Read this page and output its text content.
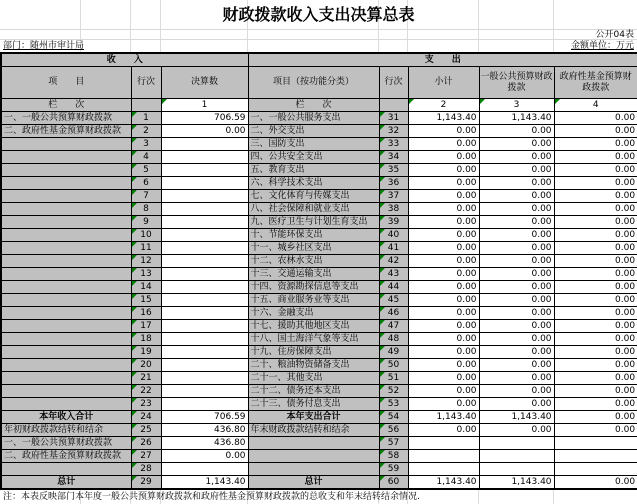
财政拨款收入支出决算总表
公开04表
部门：随州市审计局	金额单位：万元
收　　入			支　　出				
项　　目	行次	决算数	项目（按功能分类）	行次	小计	一般公共预算财政拨款	政府性基金预算财政拨款
栏　　次		1	栏　　次		2	3	4
一、一般公共预算财政拨款	1	706.59	一、一般公共服务支出	31	1,143.40	1,143.40	0.00
二、政府性基金预算财政拨款	2	0.00	二、外交支出	32	0.00	0.00	0.00
	3		三、国防支出	33	0.00	0.00	0.00
	4		四、公共安全支出	34	0.00	0.00	0.00
	5		五、教育支出	35	0.00	0.00	0.00
	6		六、科学技术支出	36	0.00	0.00	0.00
	7		七、文化体育与传媒支出	37	0.00	0.00	0.00
	8		八、社会保障和就业支出	38	0.00	0.00	0.00
	9		九、医疗卫生与计划生育支出	39	0.00	0.00	0.00
	10		十、节能环保支出	40	0.00	0.00	0.00
	11		十一、城乡社区支出	41	0.00	0.00	0.00
	12		十二、农林水支出	42	0.00	0.00	0.00
	13		十三、交通运输支出	43	0.00	0.00	0.00
	14		十四、资源勘探信息等支出	44	0.00	0.00	0.00
	15		十五、商业服务业等支出	45	0.00	0.00	0.00
	16		十六、金融支出	46	0.00	0.00	0.00
	17		十七、援助其他地区支出	47	0.00	0.00	0.00
	18		十八、国土海洋气象等支出	48	0.00	0.00	0.00
	19		十九、住房保障支出	49	0.00	0.00	0.00
	20		二十、粮油物资储备支出	50	0.00	0.00	0.00
	21		二十一、其他支出	51	0.00	0.00	0.00
	22		二十二、债务还本支出	52	0.00	0.00	0.00
	23		二十三、债务付息支出	53	0.00	0.00	0.00
本年收入合计	24	706.59	本年支出合计	54	1,143.40	1,143.40	0.00
年初财政拨款结转和结余	25	436.80	年末财政拨款结转和结余	56	0.00	0.00	0.00
一、一般公共预算财政拨款	26	436.80		57			
二、政府性基金预算财政拨款	27	0.00		58			
	28			59			
总计	29	1,143.40	总计	60	1,143.40	1,143.40	0.00
注：本表反映部门本年度一般公共预算财政拨款和政府性基金预算财政拨款的总收支和年末结转结余情况.
